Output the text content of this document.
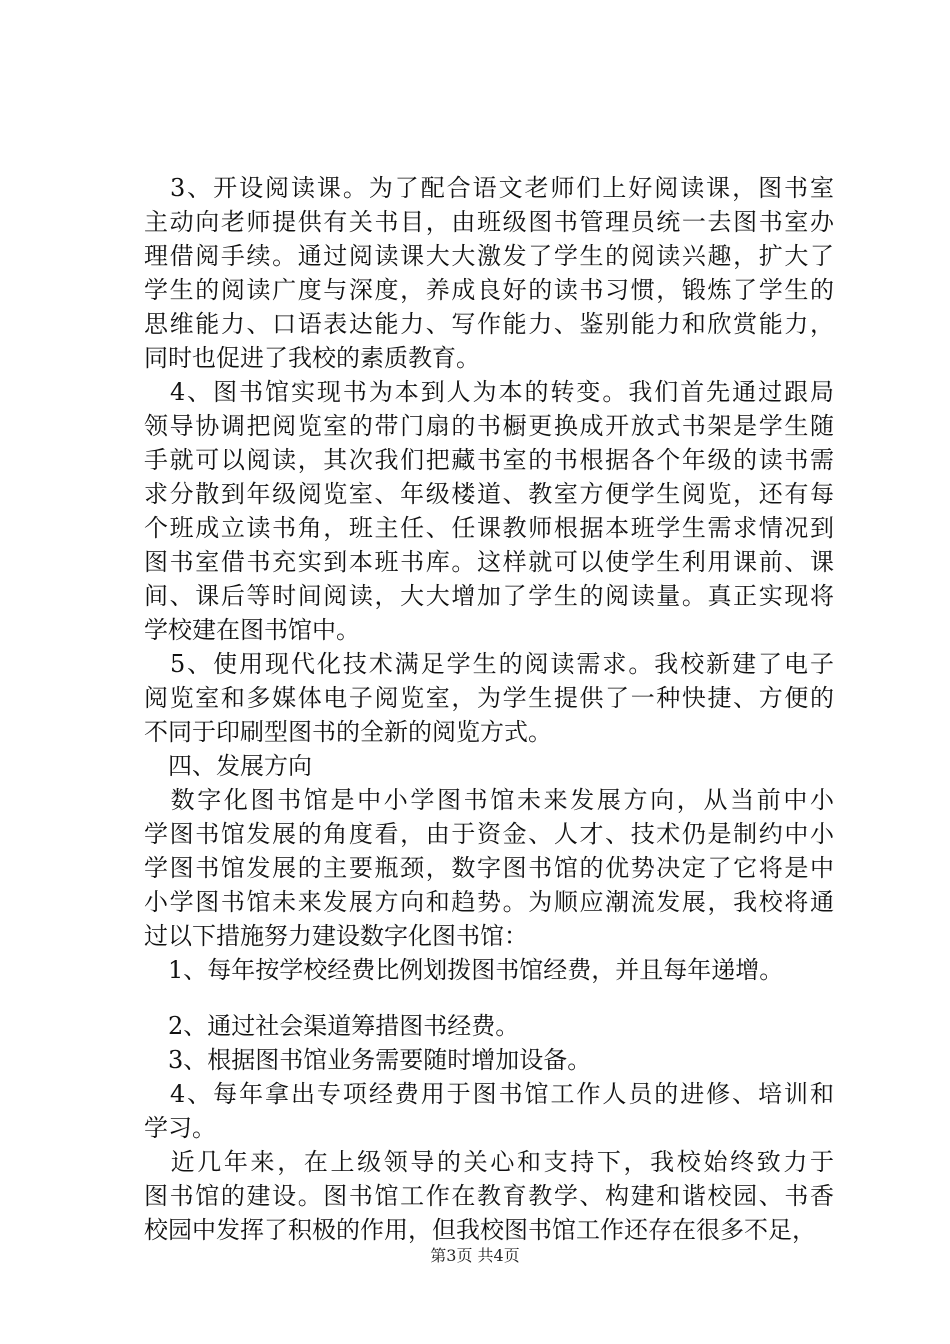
　3、开设阅读课。为了配合语文老师们上好阅读课，图书室
主动向老师提供有关书目，由班级图书管理员统一去图书室办
理借阅手续。通过阅读课大大激发了学生的阅读兴趣，扩大了
学生的阅读广度与深度，养成良好的读书习惯，锻炼了学生的
思维能力、口语表达能力、写作能力、鉴别能力和欣赏能力，
同时也促进了我校的素质教育。
　4、图书馆实现书为本到人为本的转变。我们首先通过跟局
领导协调把阅览室的带门扇的书橱更换成开放式书架是学生随
手就可以阅读，其次我们把藏书室的书根据各个年级的读书需
求分散到年级阅览室、年级楼道、教室方便学生阅览，还有每
个班成立读书角，班主任、任课教师根据本班学生需求情况到
图书室借书充实到本班书库。这样就可以使学生利用课前、课
间、课后等时间阅读，大大增加了学生的阅读量。真正实现将
学校建在图书馆中。
　5、使用现代化技术满足学生的阅读需求。我校新建了电子
阅览室和多媒体电子阅览室，为学生提供了一种快捷、方便的
不同于印刷型图书的全新的阅览方式。
　四、发展方向
　数字化图书馆是中小学图书馆未来发展方向，从当前中小
学图书馆发展的角度看，由于资金、人才、技术仍是制约中小
学图书馆发展的主要瓶颈，数字图书馆的优势决定了它将是中
小学图书馆未来发展方向和趋势。为顺应潮流发展，我校将通
过以下措施努力建设数字化图书馆：
　1、每年按学校经费比例划拨图书馆经费，并且每年递增。
　2、通过社会渠道筹措图书经费。
　3、根据图书馆业务需要随时增加设备。
　4、每年拿出专项经费用于图书馆工作人员的进修、培训和
学习。
　近几年来，在上级领导的关心和支持下，我校始终致力于
图书馆的建设。图书馆工作在教育教学、构建和谐校园、书香
第3页 共4页
校园中发挥了积极的作用，但我校图书馆工作还存在很多不足，
